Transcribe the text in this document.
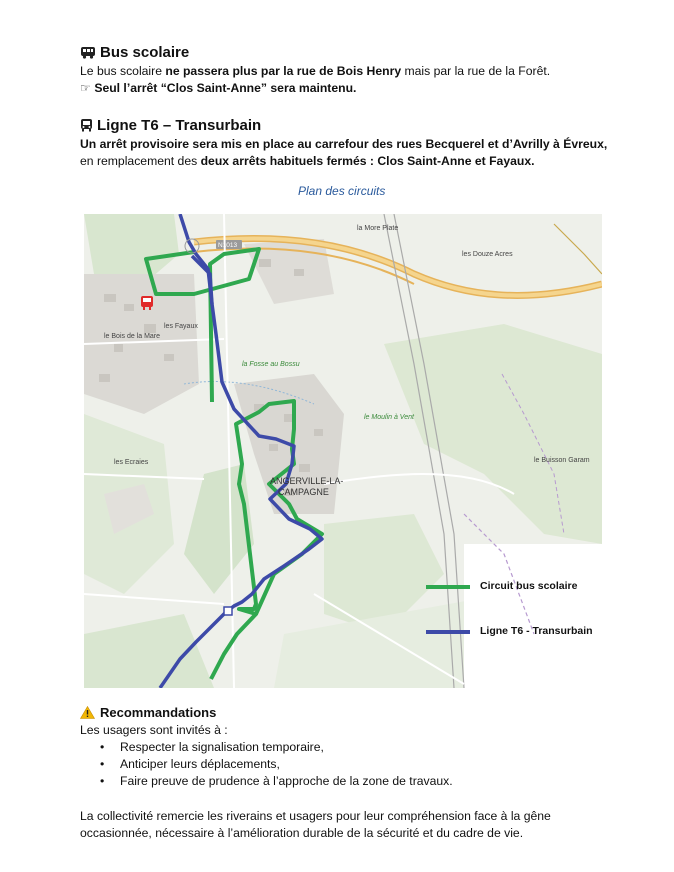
Bus scolaire
Le bus scolaire ne passera plus par la rue de Bois Henry mais par la rue de la Forêt.
☞ Seul l’arrêt “Clos Saint-Anne” sera maintenu.
Ligne T6 – Transurbain
Un arrêt provisoire sera mis en place au carrefour des rues Becquerel et d’Avrilly à Évreux,
en remplacement des deux arrêts habituels fermés : Clos Saint-Anne et Fayaux.
Plan des circuits
N1013
la More Plate
les Douze Acres
les Fayaux
le Bois de la Mare
la Fosse au Bossu
le Moulin à Vent
les Ecraies	le Buisson Garam
ANGERVILLE-LA-
CAMPAGNE
Circuit bus scolaire
Ligne T6 - Transurbain
Recommandations
Les usagers sont invités à :
• Respecter la signalisation temporaire,
• Anticiper leurs déplacements,
• Faire preuve de prudence à l’approche de la zone de travaux.
La collectivité remercie les riverains et usagers pour leur compréhension face à la gêne
occasionnée, nécessaire à l’amélioration durable de la sécurité et du cadre de vie.
